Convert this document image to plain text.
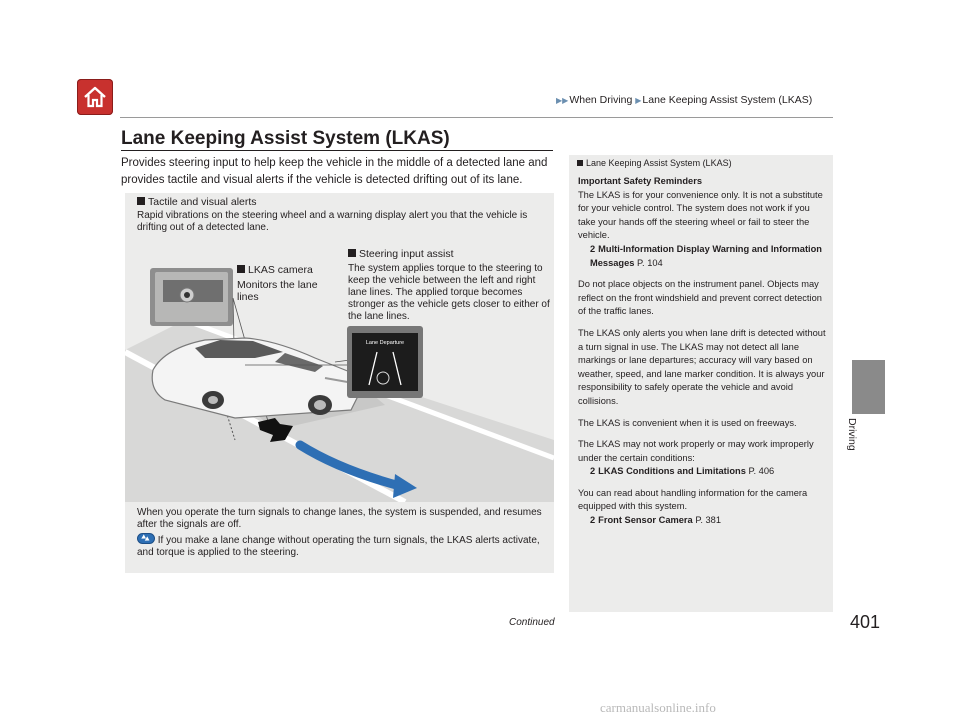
▶▶When Driving ▶Lane Keeping Assist System (LKAS)
Lane Keeping Assist System (LKAS)
Provides steering input to help keep the vehicle in the middle of a detected lane and provides tactile and visual alerts if the vehicle is detected drifting out of its lane.
Tactile and visual alerts
Rapid vibrations on the steering wheel and a warning display alert you that the vehicle is drifting out of a detected lane.
Lane Departure
LKAS camera
Monitors the lane lines
Steering input assist
The system applies torque to the steering to keep the vehicle between the left and right lane lines. The applied torque becomes stronger as the vehicle gets closer to either of the lane lines.
When you operate the turn signals to change lanes, the system is suspended, and resumes after the signals are off.
If you make a lane change without operating the turn signals, the LKAS alerts activate, and torque is applied to the steering.
Lane Keeping Assist System (LKAS)

Important Safety Reminders

The LKAS is for your convenience only. It is not a substitute for your vehicle control. The system does not work if you take your hands off the steering wheel or fail to steer the vehicle.

2 Multi-Information Display Warning and Information Messages P. 104

Do not place objects on the instrument panel. Objects may reflect on the front windshield and prevent correct detection of the traffic lanes.

The LKAS only alerts you when lane drift is detected without a turn signal in use. The LKAS may not detect all lane markings or lane departures; accuracy will vary based on weather, speed, and lane marker condition. It is always your responsibility to safely operate the vehicle and avoid collisions.

The LKAS is convenient when it is used on freeways.

The LKAS may not work properly or may work improperly under the certain conditions:

2 LKAS Conditions and Limitations P. 406

You can read about handling information for the camera equipped with this system.

2 Front Sensor Camera P. 381

Driving
Continued	401
carmanualsonline.info
